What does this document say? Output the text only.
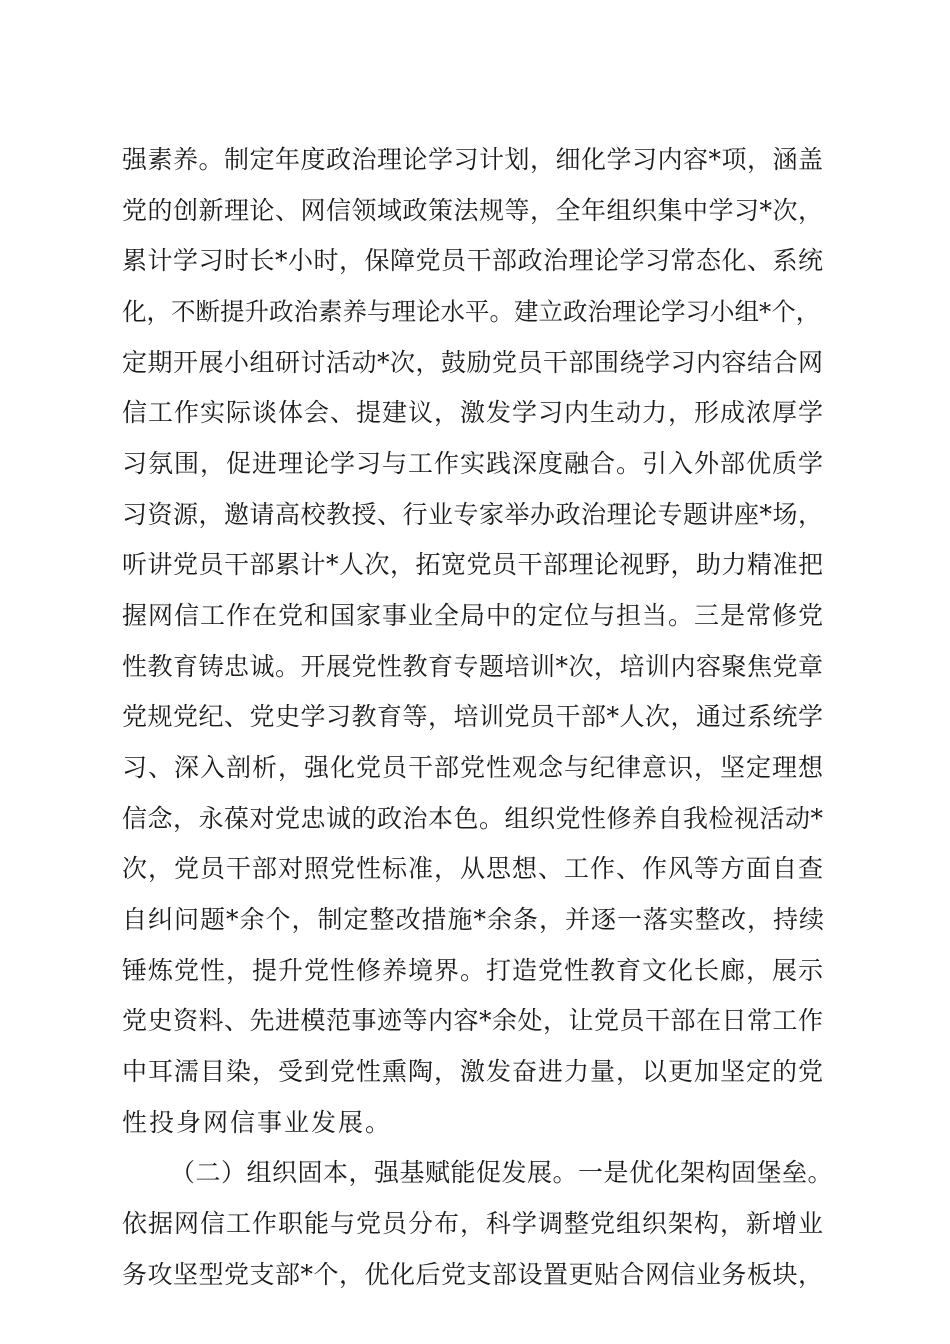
强素养。制定年度政治理论学习计划，细化学习内容*项，涵盖
党的创新理论、网信领域政策法规等，全年组织集中学习*次，
累计学习时长*小时，保障党员干部政治理论学习常态化、系统
化，不断提升政治素养与理论水平。建立政治理论学习小组*个，
定期开展小组研讨活动*次，鼓励党员干部围绕学习内容结合网
信工作实际谈体会、提建议，激发学习内生动力，形成浓厚学
习氛围，促进理论学习与工作实践深度融合。引入外部优质学
习资源，邀请高校教授、行业专家举办政治理论专题讲座*场，
听讲党员干部累计*人次，拓宽党员干部理论视野，助力精准把
握网信工作在党和国家事业全局中的定位与担当。三是常修党
性教育铸忠诚。开展党性教育专题培训*次，培训内容聚焦党章
党规党纪、党史学习教育等，培训党员干部*人次，通过系统学
习、深入剖析，强化党员干部党性观念与纪律意识，坚定理想
信念，永葆对党忠诚的政治本色。组织党性修养自我检视活动*
次，党员干部对照党性标准，从思想、工作、作风等方面自查
自纠问题*余个，制定整改措施*余条，并逐一落实整改，持续
锤炼党性，提升党性修养境界。打造党性教育文化长廊，展示
党史资料、先进模范事迹等内容*余处，让党员干部在日常工作
中耳濡目染，受到党性熏陶，激发奋进力量，以更加坚定的党
性投身网信事业发展。
（二）组织固本，强基赋能促发展。一是优化架构固堡垒。
依据网信工作职能与党员分布，科学调整党组织架构，新增业
务攻坚型党支部*个，优化后党支部设置更贴合网信业务板块，
